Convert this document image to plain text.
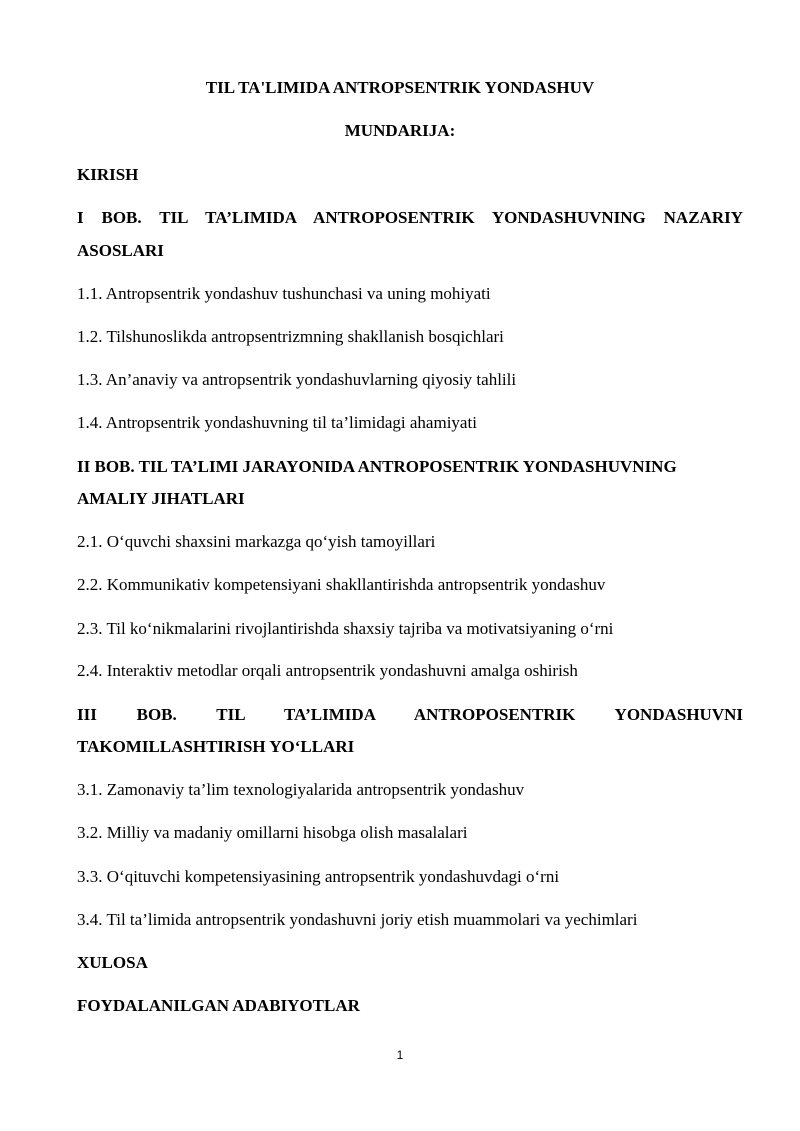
TIL TA'LIMIDA ANTROPSENTRIK YONDASHUV
MUNDARIJA:
KIRISH
I BOB. TIL TA’LIMIDA ANTROPOSENTRIK YONDASHUVNING NAZARIY
ASOSLARI
1.1. Antropsentrik yondashuv tushunchasi va uning mohiyati
1.2. Tilshunoslikda antropsentrizmning shakllanish bosqichlari
1.3. An’anaviy va antropsentrik yondashuvlarning qiyosiy tahlili
1.4. Antropsentrik yondashuvning til ta’limidagi ahamiyati
II BOB. TIL TA’LIMI JARAYONIDA ANTROPOSENTRIK YONDASHUVNING
AMALIY JIHATLARI
2.1. O‘quvchi shaxsini markazga qo‘yish tamoyillari
2.2. Kommunikativ kompetensiyani shakllantirishda antropsentrik yondashuv
2.3. Til ko‘nikmalarini rivojlantirishda shaxsiy tajriba va motivatsiyaning o‘rni
2.4. Interaktiv metodlar orqali antropsentrik yondashuvni amalga oshirish
III BOB. TIL TA’LIMIDA ANTROPOSENTRIK YONDASHUVNI
TAKOMILLASHTIRISH YO‘LLARI
3.1. Zamonaviy ta’lim texnologiyalarida antropsentrik yondashuv
3.2. Milliy va madaniy omillarni hisobga olish masalalari
3.3. O‘qituvchi kompetensiyasining antropsentrik yondashuvdagi o‘rni
3.4. Til ta’limida antropsentrik yondashuvni joriy etish muammolari va yechimlari
XULOSA
FOYDALANILGAN ADABIYOTLAR
1
